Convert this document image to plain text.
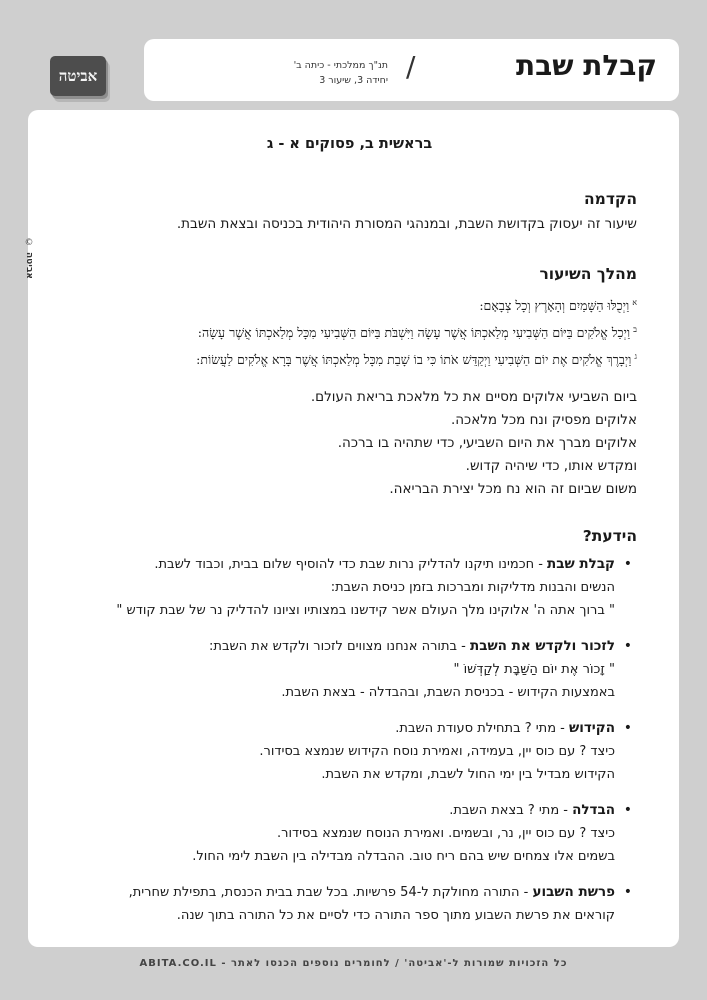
קבלת שבת
/
תנ"ך ממלכתי - כיתה ב'
יחידה 3, שיעור 3
אביטה
©
אביטה

בראשית ב, פסוקים א - ג

הקדמה

שיעור זה יעסוק בקדושת השבת, ובמנהגי המסורת היהודית בכניסה ובצאת השבת.

מהלך השיעור
$^א$וַיְכֻלּוּ הַשָּׁמַיִם וְהָאָרֶץ וְכָל צְבָאָם:
$^ב$וַיְכַל אֱלֹקִים בַּיּוֹם הַשְּׁבִיעִי מְלַאכְתּוֹ אֲשֶׁר עָשָׂה וַיִּשְׁבֹּת בַּיּוֹם הַשְּׁבִיעִי מִכָּל מְלַאכְתּוֹ אֲשֶׁר עָשָׂה:
$^ג$וַיְבָרֶךְ אֱלֹקִים אֶת יוֹם הַשְּׁבִיעִי וַיְקַדֵּשׁ אֹתוֹ כִּי בוֹ שָׁבַת מִכָּל מְלַאכְתּוֹ אֲשֶׁר בָּרָא אֱלֹקִים לַעֲשׂוֹת:
ביום השביעי אלוקים מסיים את כל מלאכת בריאת העולם.
אלוקים מפסיק ונח מכל מלאכה.
אלוקים מברך את היום השביעי, כדי שתהיה בו ברכה.
ומקדש אותו, כדי שיהיה קדוש.
משום שביום זה הוא נח מכל יצירת הבריאה.
הידעת?
•
קבלת שבת - חכמינו תיקנו להדליק נרות שבת כדי להוסיף שלום בבית, וכבוד לשבת.
הנשים והבנות מדליקות ומברכות בזמן כניסת השבת:
" ברוך אתה ה' אלוקינו מלך העולם אשר קידשנו במצותיו וציונו להדליק נר של שבת קודש "
•
לזכור ולקדש את השבת - בתורה אנחנו מצווים לזכור ולקדש את השבת:
" זָכוֹר אֶת יוֹם הַשַּׁבָּת לְקַדְּשׁוֹ "
באמצעות הקידוש - בכניסת השבת, ובהבדלה - בצאת השבת.
•
הקידוש - מתי ? בתחילת סעודת השבת.
כיצד ? עם כוס יין, בעמידה, ואמירת נוסח הקידוש שנמצא בסידור.
הקידוש מבדיל בין ימי החול לשבת, ומקדש את השבת.
•
הבדלה - מתי ? בצאת השבת.
כיצד ? עם כוס יין, נר, ובשמים. ואמירת הנוסח שנמצא בסידור.
בשמים אלו צמחים שיש בהם ריח טוב. ההבדלה מבדילה בין השבת לימי החול.
•
פרשת השבוע - התורה מחולקת ל-54 פרשיות. בכל שבת בבית הכנסת, בתפילת שחרית,
קוראים את פרשת השבוע מתוך ספר התורה כדי לסיים את כל התורה בתוך שנה.
כל הזכויות שמורות ל-'אביטה' / לחומרים נוספים הכנסו לאתר - ABITA.CO.IL
